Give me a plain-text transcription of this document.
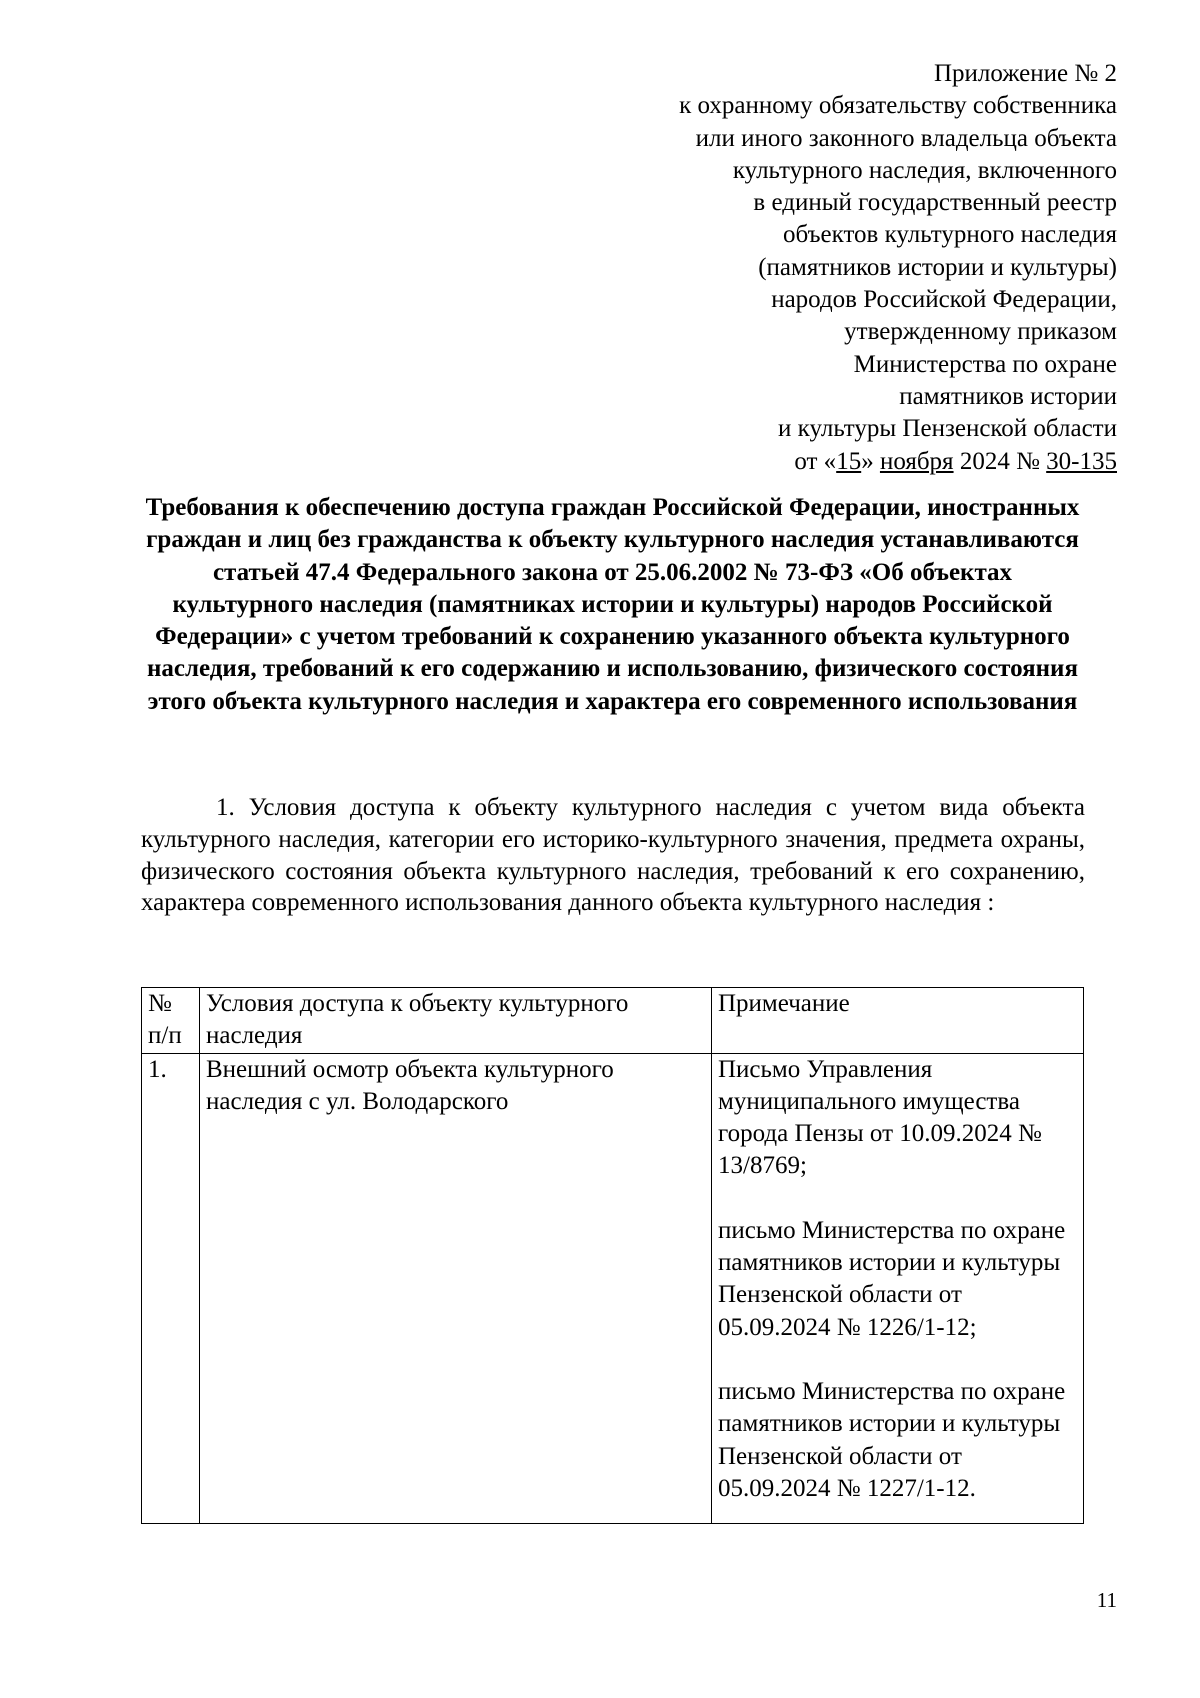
Приложение № 2
к охранному обязательству собственника
или иного законного владельца объекта
культурного наследия, включенного
в единый государственный реестр
объектов культурного наследия
(памятников истории и культуры)
народов Российской Федерации,
утвержденному приказом
Министерства по охране
памятников истории
и культуры Пензенской области
от «15» ноября 2024 № 30-135
Требования к обеспечению доступа граждан Российской Федерации, иностранных граждан и лиц без гражданства к объекту культурного наследия устанавливаются статьей 47.4 Федерального закона от 25.06.2002 № 73-ФЗ «Об объектах культурного наследия (памятниках истории и культуры) народов Российской Федерации» с учетом требований к сохранению указанного объекта культурного наследия, требований к его содержанию и использованию, физического состояния этого объекта культурного наследия и характера его современного использования
1. Условия доступа к объекту культурного наследия с учетом вида объекта культурного наследия, категории его историко-культурного значения, предмета охраны, физического состояния объекта культурного наследия, требований к его сохранению, характера современного использования данного объекта культурного наследия :
№ п/п	Условия доступа к объекту культурного наследия	Примечание
1.	Внешний осмотр объекта культурного наследия с ул. Володарского	Письмо Управления муниципального имущества города Пензы от 10.09.2024 № 13/8769;

письмо Министерства по охране памятников истории и культуры Пензенской области от 05.09.2024 № 1226/1-12;

письмо Министерства по охране памятников истории и культуры Пензенской области от 05.09.2024 № 1227/1-12.

11
